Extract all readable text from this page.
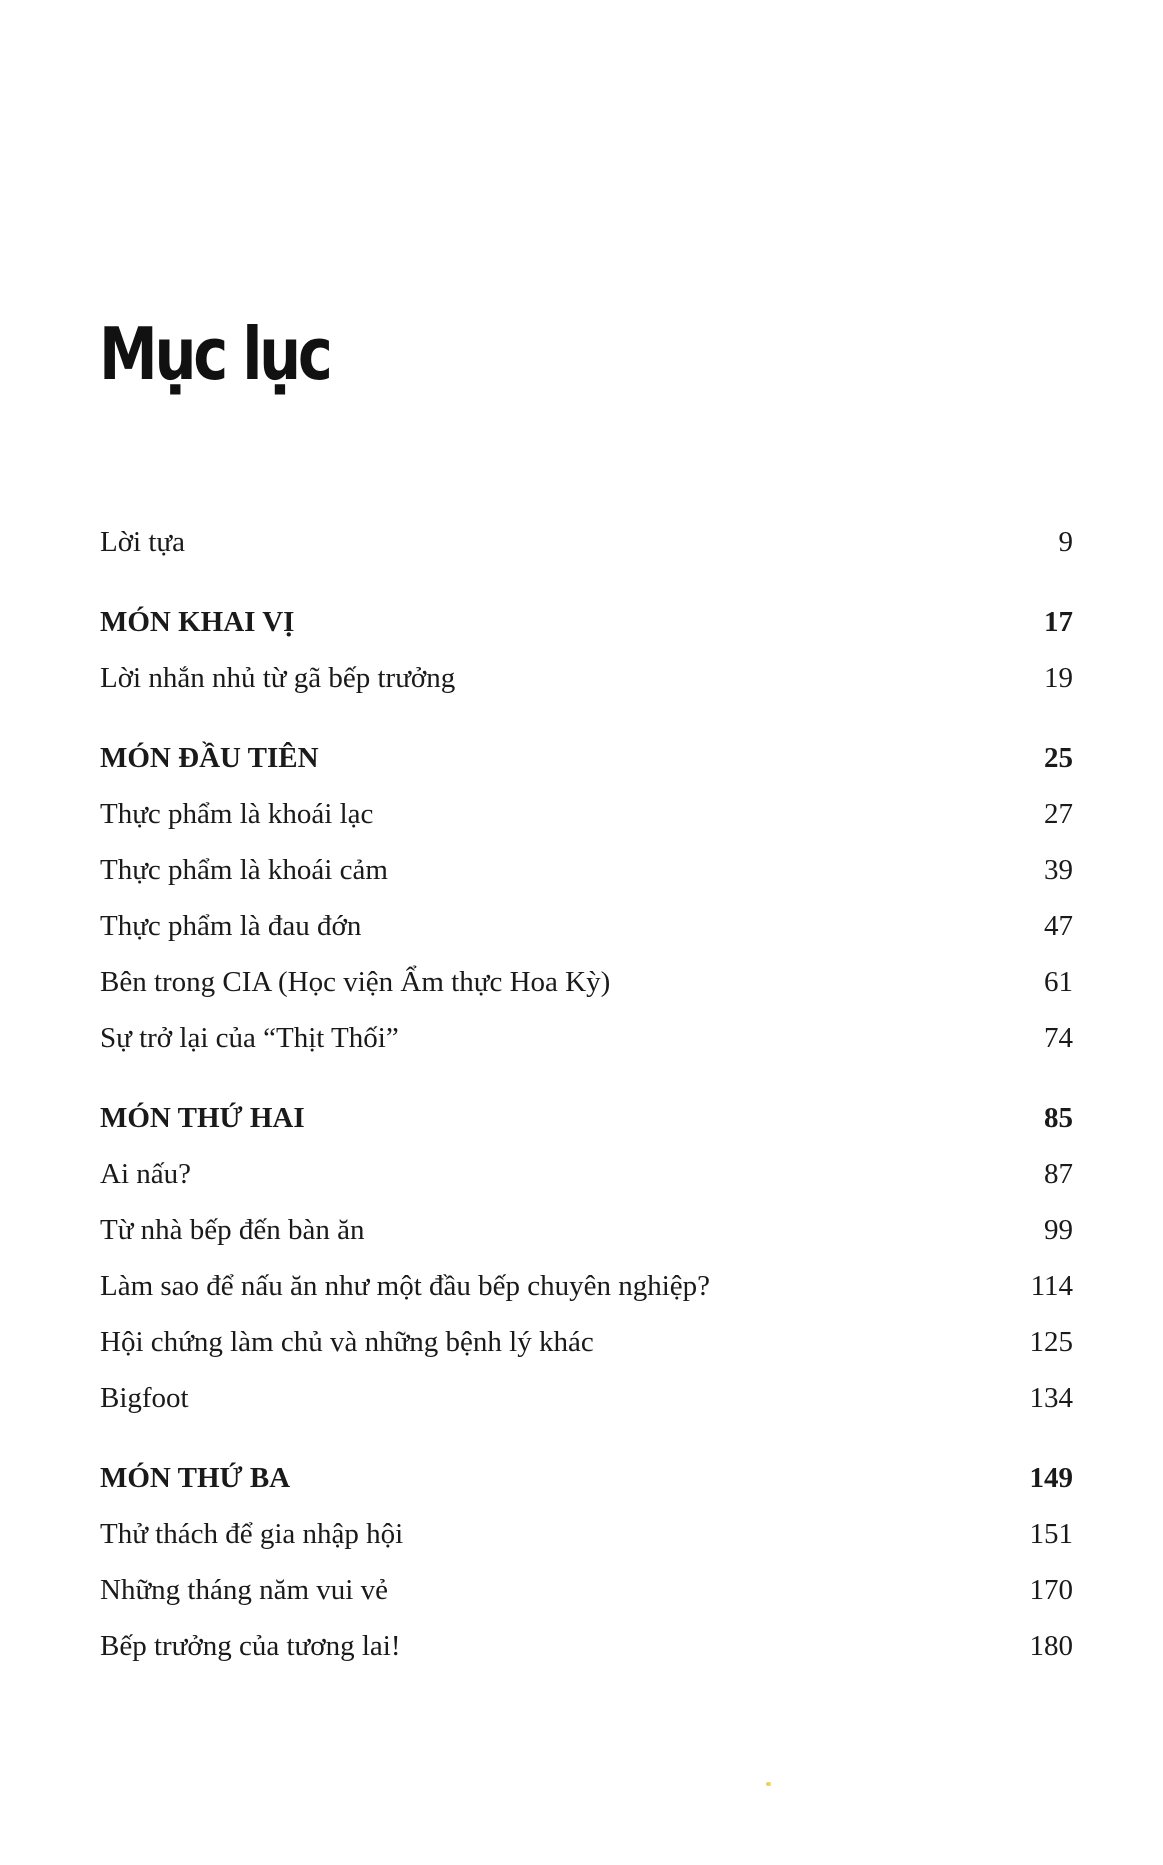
Mục lục
Lời tựa	9
MÓN KHAI VỊ	17
Lời nhắn nhủ từ gã bếp trưởng	19
MÓN ĐẦU TIÊN	25
Thực phẩm là khoái lạc	27
Thực phẩm là khoái cảm	39
Thực phẩm là đau đớn	47
Bên trong CIA (Học viện Ẩm thực Hoa Kỳ)	61
Sự trở lại của “Thịt Thối”	74
MÓN THỨ HAI	85
Ai nấu?	87
Từ nhà bếp đến bàn ăn	99
Làm sao để nấu ăn như một đầu bếp chuyên nghiệp?	114
Hội chứng làm chủ và những bệnh lý khác	125
Bigfoot	134
MÓN THỨ BA	149
Thử thách để gia nhập hội	151
Những tháng năm vui vẻ	170
Bếp trưởng của tương lai!	180
